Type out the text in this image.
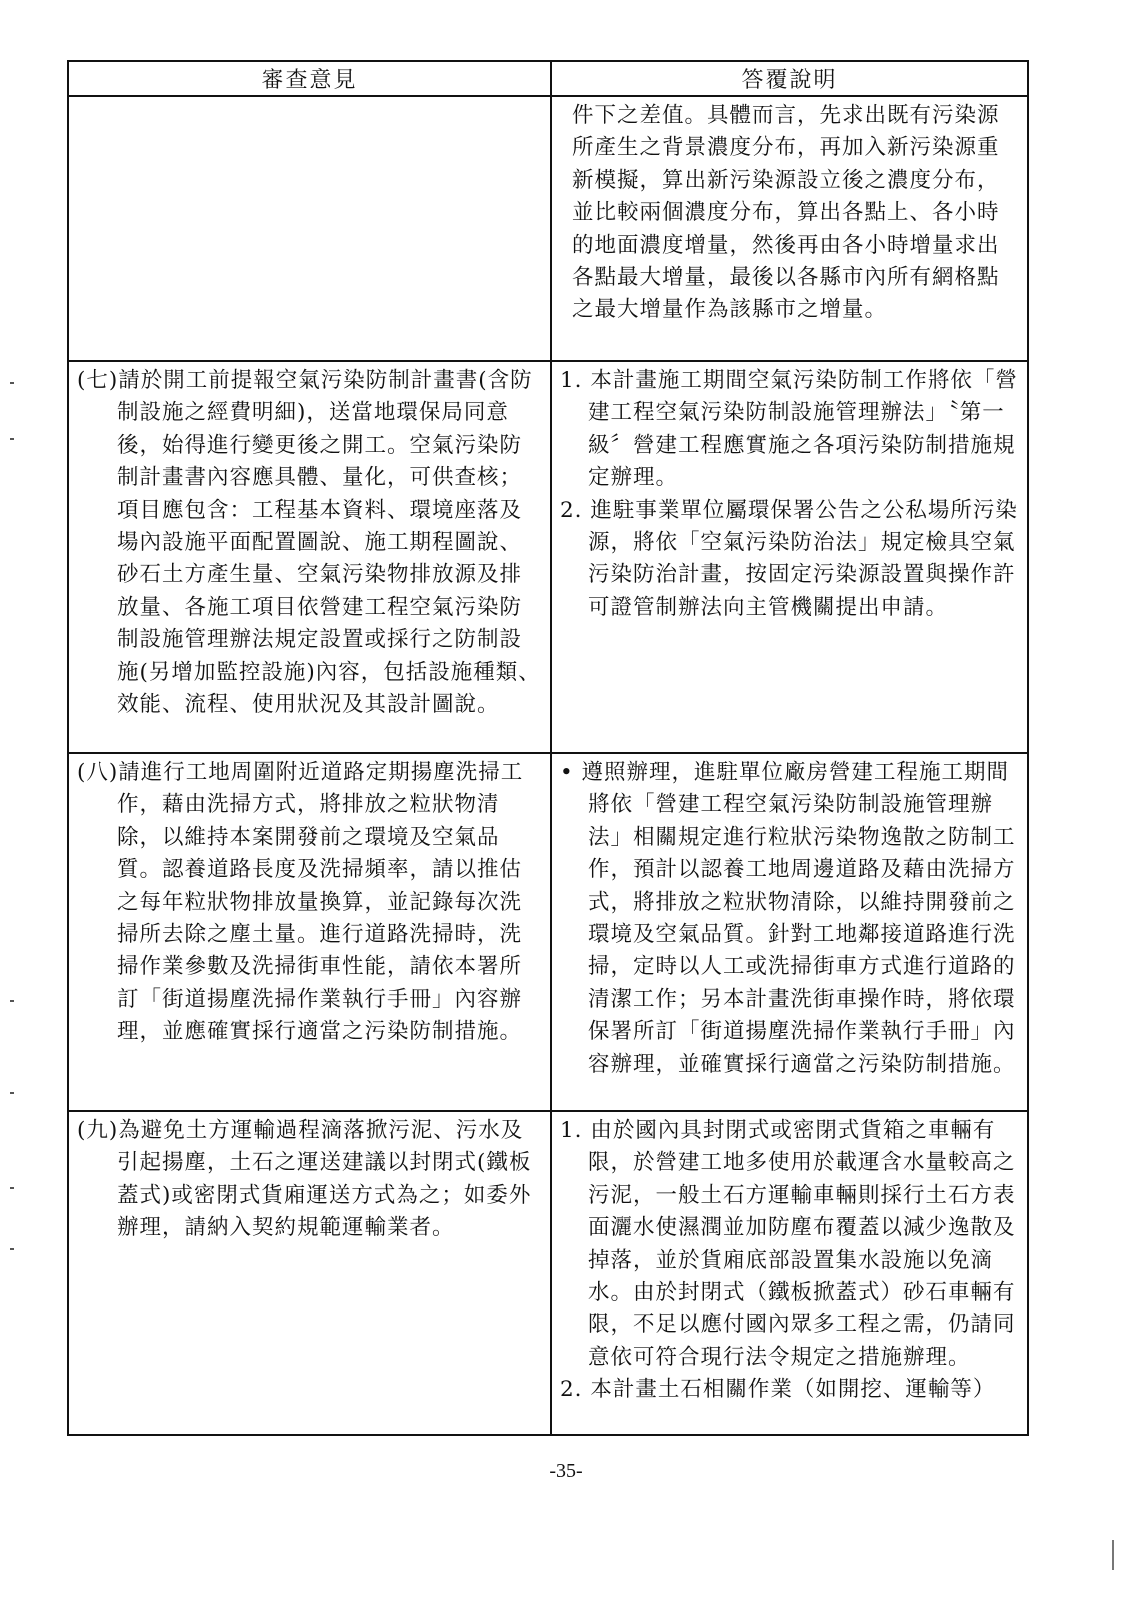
審查意見	答覆說明

	件下之差值。具體而言，先求出既有污染源所產生之背景濃度分布，再加入新污染源重新模擬，算出新污染源設立後之濃度分布，並比較兩個濃度分布，算出各點上、各小時的地面濃度增量，然後再由各小時增量求出各點最大增量，最後以各縣市內所有網格點之最大增量作為該縣市之增量。

(七)請於開工前提報空氣污染防制計畫書(含防制設施之經費明細)，送當地環保局同意後，始得進行變更後之開工。空氣污染防制計畫書內容應具體、量化，可供查核；項目應包含：工程基本資料、環境座落及場內設施平面配置圖說、施工期程圖說、砂石土方產生量、空氣污染物排放源及排放量、各施工項目依營建工程空氣污染防制設施管理辦法規定設置或採行之防制設施(另增加監控設施)內容，包括設施種類、效能、流程、使用狀況及其設計圖說。	1. 本計畫施工期間空氣污染防制工作將依「營建工程空氣污染防制設施管理辦法」〝第一級〞營建工程應實施之各項污染防制措施規定辦理。
2. 進駐事業單位屬環保署公告之公私場所污染源，將依「空氣污染防治法」規定檢具空氣污染防治計畫，按固定污染源設置與操作許可證管制辦法向主管機關提出申請。

(八)請進行工地周圍附近道路定期揚塵洗掃工作，藉由洗掃方式，將排放之粒狀物清除，以維持本案開發前之環境及空氣品質。認養道路長度及洗掃頻率，請以推估之每年粒狀物排放量換算，並記錄每次洗掃所去除之塵土量。進行道路洗掃時，洗掃作業參數及洗掃街車性能，請依本署所訂「街道揚塵洗掃作業執行手冊」內容辦理，並應確實採行適當之污染防制措施。	• 遵照辦理，進駐單位廠房營建工程施工期間將依「營建工程空氣污染防制設施管理辦法」相關規定進行粒狀污染物逸散之防制工作，預計以認養工地周邊道路及藉由洗掃方式，將排放之粒狀物清除，以維持開發前之環境及空氣品質。針對工地鄰接道路進行洗掃，定時以人工或洗掃街車方式進行道路的清潔工作；另本計畫洗街車操作時，將依環保署所訂「街道揚塵洗掃作業執行手冊」內容辦理，並確實採行適當之污染防制措施。

(九)為避免土方運輸過程滴落掀污泥、污水及引起揚塵，土石之運送建議以封閉式(鐵板蓋式)或密閉式貨廂運送方式為之；如委外辦理，請納入契約規範運輸業者。	1. 由於國內具封閉式或密閉式貨箱之車輛有限，於營建工地多使用於載運含水量較高之污泥，一般土石方運輸車輛則採行土石方表面灑水使濕潤並加防塵布覆蓋以減少逸散及掉落，並於貨廂底部設置集水設施以免滴水。由於封閉式（鐵板掀蓋式）砂石車輛有限，不足以應付國內眾多工程之需，仍請同意依可符合現行法令規定之措施辦理。
2. 本計畫土石相關作業（如開挖、運輸等）
-35-
